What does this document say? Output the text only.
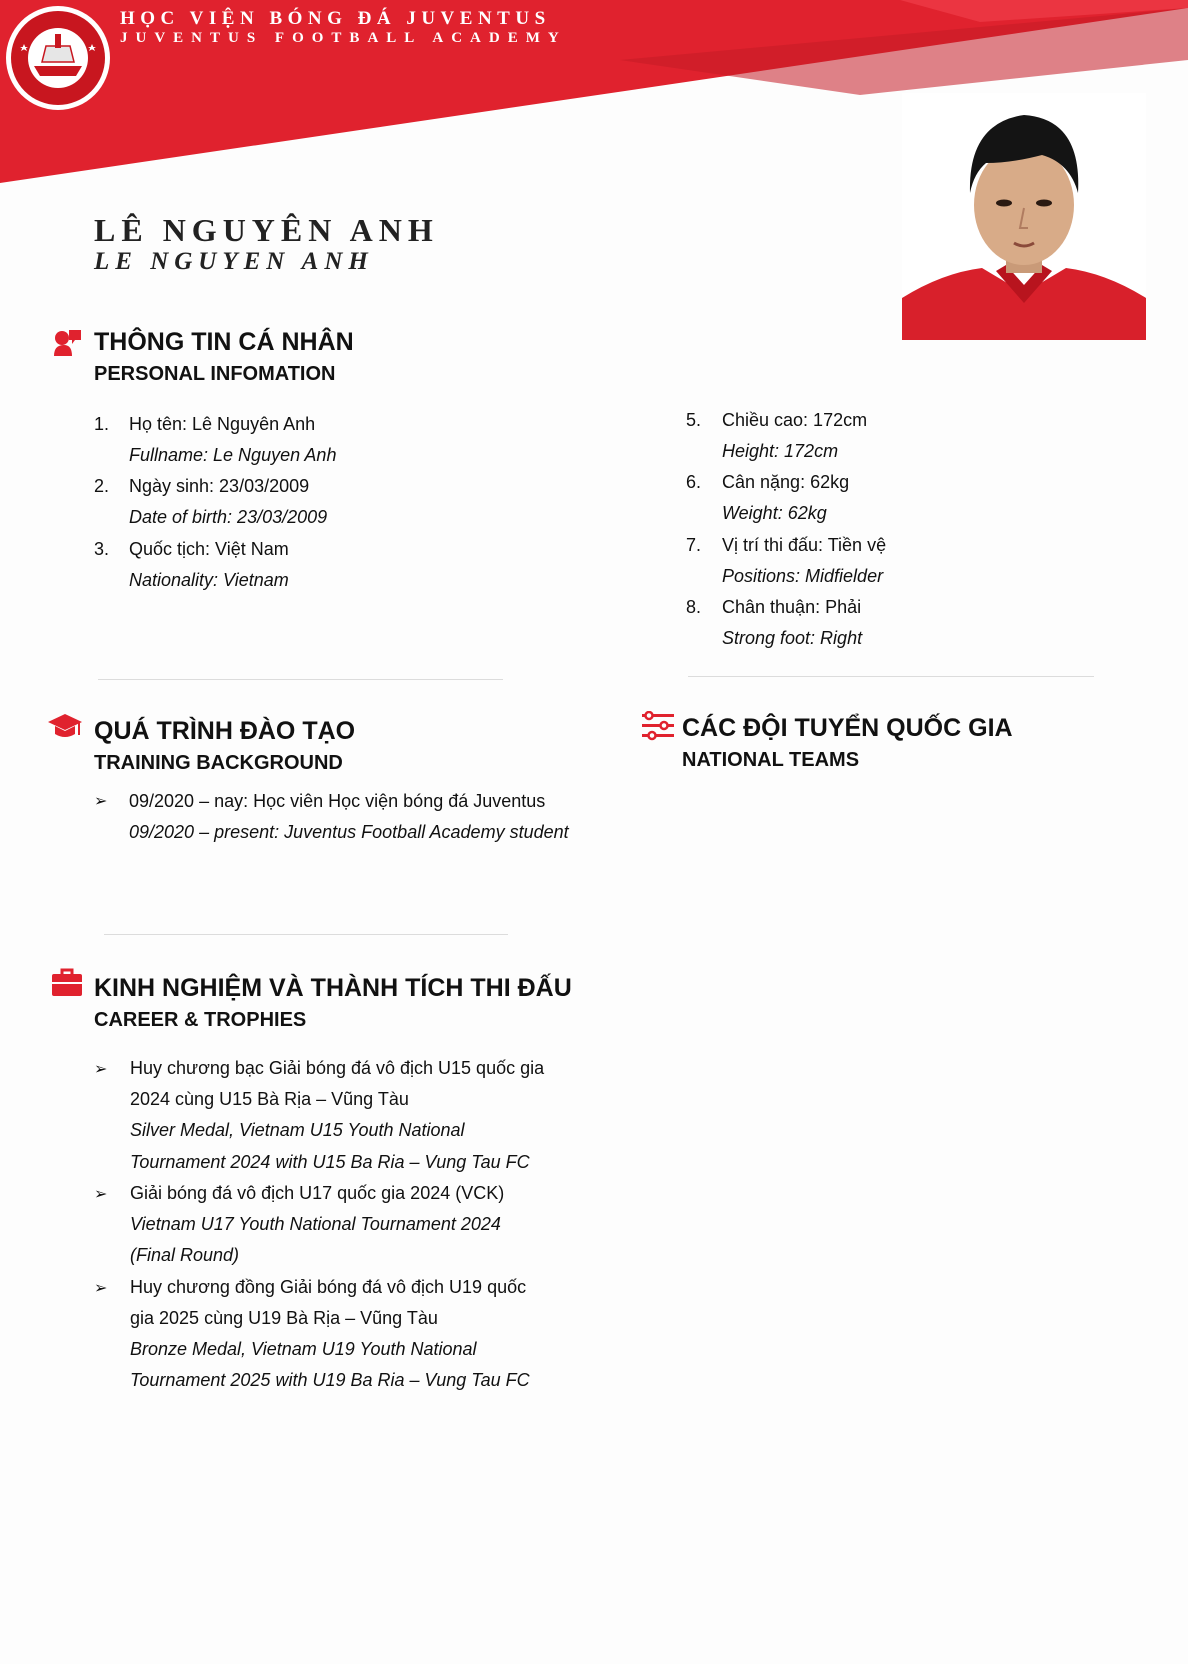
HỌC VIỆN BÓNG ĐÁ JUVENTUS
JUVENTUS FOOTBALL ACADEMY
LÊ NGUYÊN ANH
LE NGUYEN ANH
THÔNG TIN CÁ NHÂN
PERSONAL INFOMATION
1. Họ tên: Lê Nguyên Anh
Fullname: Le Nguyen Anh
2. Ngày sinh: 23/03/2009
Date of birth: 23/03/2009
3. Quốc tịch: Việt Nam
Nationality: Vietnam
5. Chiều cao: 172cm
Height: 172cm
6. Cân nặng: 62kg
Weight: 62kg
7. Vị trí thi đấu: Tiền vệ
Positions: Midfielder
8. Chân thuận: Phải
Strong foot: Right
QUÁ TRÌNH ĐÀO TẠO
TRAINING BACKGROUND
➢ 09/2020 – nay: Học viên Học viện bóng đá Juventus
09/2020 – present: Juventus Football Academy student
CÁC ĐỘI TUYỂN QUỐC GIA
NATIONAL TEAMS
KINH NGHIỆM VÀ THÀNH TÍCH THI ĐẤU
CAREER & TROPHIES
➢ Huy chương bạc Giải bóng đá vô địch U15 quốc gia
2024 cùng U15 Bà Rịa – Vũng Tàu
Silver Medal, Vietnam U15 Youth National
Tournament 2024 with U15 Ba Ria – Vung Tau FC
➢ Giải bóng đá vô địch U17 quốc gia 2024 (VCK)
Vietnam U17 Youth National Tournament 2024
(Final Round)
➢ Huy chương đồng Giải bóng đá vô địch U19 quốc
gia 2025 cùng U19 Bà Rịa – Vũng Tàu
Bronze Medal, Vietnam U19 Youth National
Tournament 2025 with U19 Ba Ria – Vung Tau FC
